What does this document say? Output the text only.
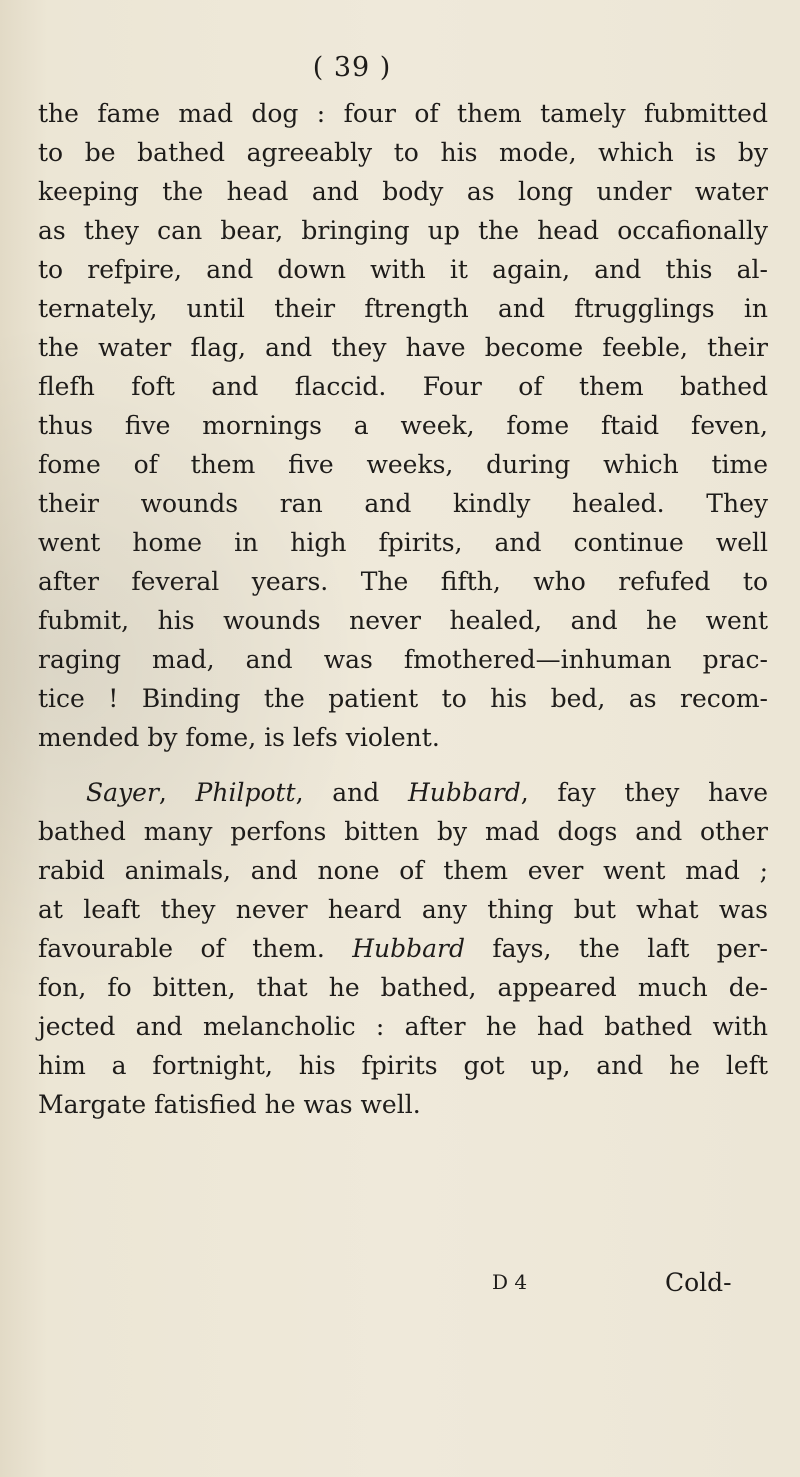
( 39 )

the fame mad dog : four of them tamely fubmitted
to be bathed agreeably to his mode, which is by
keeping the head and body as long under water
as they can bear, bringing up the head occafionally
to refpire, and down with it again, and this al-
ternately, until their ftrength and ftrugglings in
the water flag, and they have become feeble, their
flefh foft and flaccid. Four of them bathed
thus five mornings a week, fome ftaid feven,
fome of them five weeks, during which time
their wounds ran and kindly healed. They
went home in high fpirits, and continue well
after feveral years. The fifth, who refufed to
fubmit, his wounds never healed, and he went
raging mad, and was fmothered—inhuman prac-
tice ! Binding the patient to his bed, as recom-
mended by fome, is lefs violent.

Sayer, Philpott, and Hubbard, fay they have
bathed many perfons bitten by mad dogs and other
rabid animals, and none of them ever went mad ;
at leaft they never heard any thing but what was
favourable of them. Hubbard fays, the laft per-
fon, fo bitten, that he bathed, appeared much de-
jected and melancholic : after he had bathed with
him a fortnight, his fpirits got up, and he left
Margate fatisfied he was well.

D 4	Cold-
